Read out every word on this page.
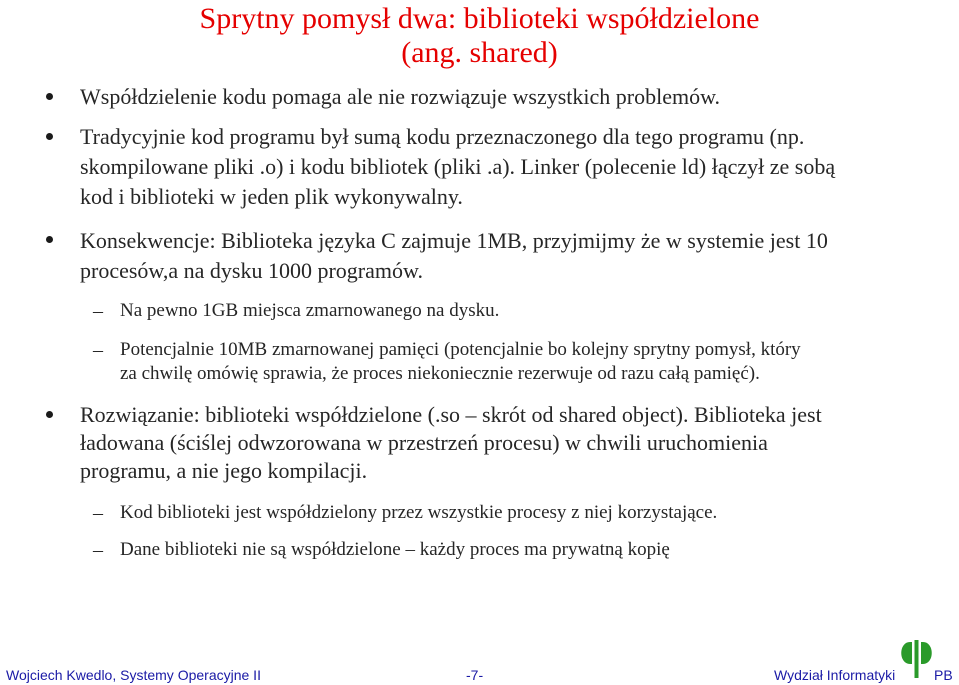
Sprytny pomysł dwa: biblioteki współdzielone
(ang. shared)
Współdzielenie kodu pomaga ale nie rozwiązuje wszystkich problemów.
Tradycyjnie kod programu był sumą kodu przeznaczonego dla tego programu (np.
skompilowane pliki .o) i kodu bibliotek (pliki .a). Linker (polecenie ld) łączył ze sobą
kod i biblioteki w jeden plik wykonywalny.
Konsekwencje: Biblioteka języka C zajmuje 1MB, przyjmijmy że w systemie jest 10
procesów,a na dysku 1000 programów.
– Na pewno 1GB miejsca zmarnowanego na dysku.
– Potencjalnie 10MB zmarnowanej pamięci (potencjalnie bo kolejny sprytny pomysł, który
za chwilę omówię sprawia, że proces niekoniecznie rezerwuje od razu całą pamięć).
Rozwiązanie: biblioteki współdzielone (.so – skrót od shared object). Biblioteka jest
ładowana (ściślej odwzorowana w przestrzeń procesu) w chwili uruchomienia
programu, a nie jego kompilacji.
– Kod biblioteki jest współdzielony przez wszystkie procesy z niej korzystające.
– Dane biblioteki nie są współdzielone – każdy proces ma prywatną kopię
Wojciech Kwedlo, Systemy Operacyjne II	-7-	Wydział Informatyki	PB
